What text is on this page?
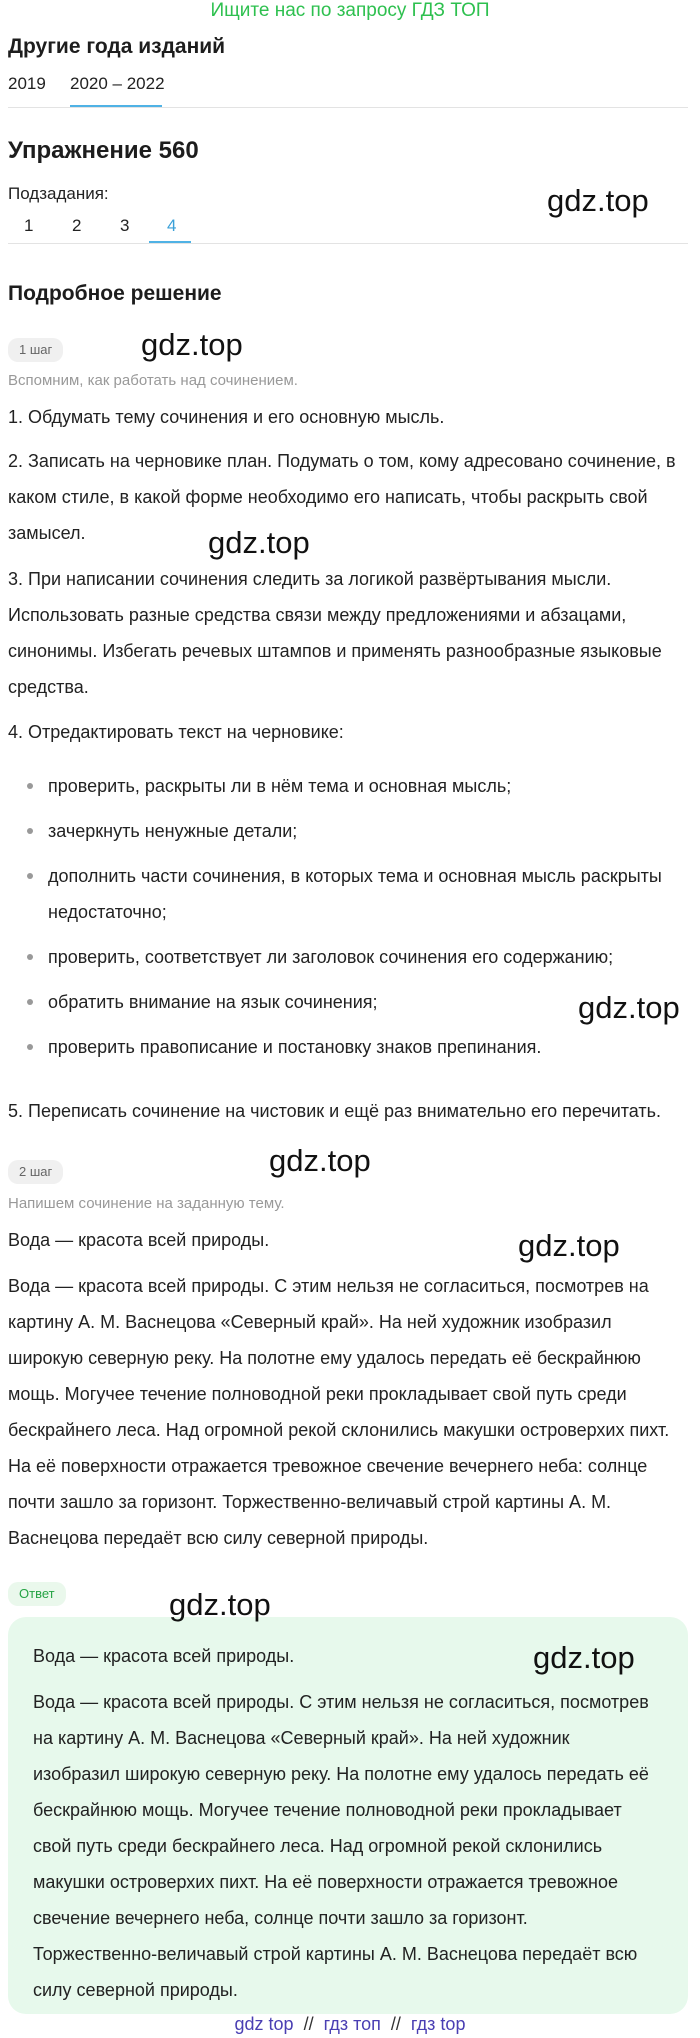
Ищите нас по запросу ГДЗ ТОП
Другие года изданий
2019 2020 – 2022
Упражнение 560
Подзадания:
1 2 3 4
Подробное решение
1 шаг
Вспомним, как работать над сочинением.
1. Обдумать тему сочинения и его основную мысль.
2. Записать на черновике план. Подумать о том, кому адресовано сочинение, в каком стиле, в какой форме необходимо его написать, чтобы раскрыть свой замысел.
3. При написании сочинения следить за логикой развёртывания мысли. Использовать разные средства связи между предложениями и абзацами, синонимы. Избегать речевых штампов и применять разнообразные языковые средства.
4. Отредактировать текст на черновике:
проверить, раскрыты ли в нём тема и основная мысль;
зачеркнуть ненужные детали;
дополнить части сочинения, в которых тема и основная мысль раскрыты недостаточно;
проверить, соответствует ли заголовок сочинения его содержанию;
обратить внимание на язык сочинения;
проверить правописание и постановку знаков препинания.
5. Переписать сочинение на чистовик и ещё раз внимательно его перечитать.
2 шаг
Напишем сочинение на заданную тему.
Вода — красота всей природы.
Вода — красота всей природы. С этим нельзя не согласиться, посмотрев на картину А. М. Васнецова «Северный край». На ней художник изобразил широкую северную реку. На полотне ему удалось передать её бескрайнюю мощь. Могучее течение полноводной реки прокладывает свой путь среди бескрайнего леса. Над огромной рекой склонились макушки островерхих пихт. На её поверхности отражается тревожное свечение вечернего неба: солнце почти зашло за горизонт. Торжественно-величавый строй картины А. М. Васнецова передаёт всю силу северной природы.
Ответ
Вода — красота всей природы.
Вода — красота всей природы. С этим нельзя не согласиться, посмотрев на картину А. М. Васнецова «Северный край». На ней художник изобразил широкую северную реку. На полотне ему удалось передать её бескрайнюю мощь. Могучее течение полноводной реки прокладывает свой путь среди бескрайнего леса. Над огромной рекой склонились макушки островерхих пихт. На её поверхности отражается тревожное свечение вечернего неба, солнце почти зашло за горизонт. Торжественно-величавый строй картины А. М. Васнецова передаёт всю силу северной природы.
gdz.top
gdz.top
gdz.top
gdz.top
gdz.top
gdz.top
gdz.top
gdz.top
gdz top // гдз топ // гдз top
